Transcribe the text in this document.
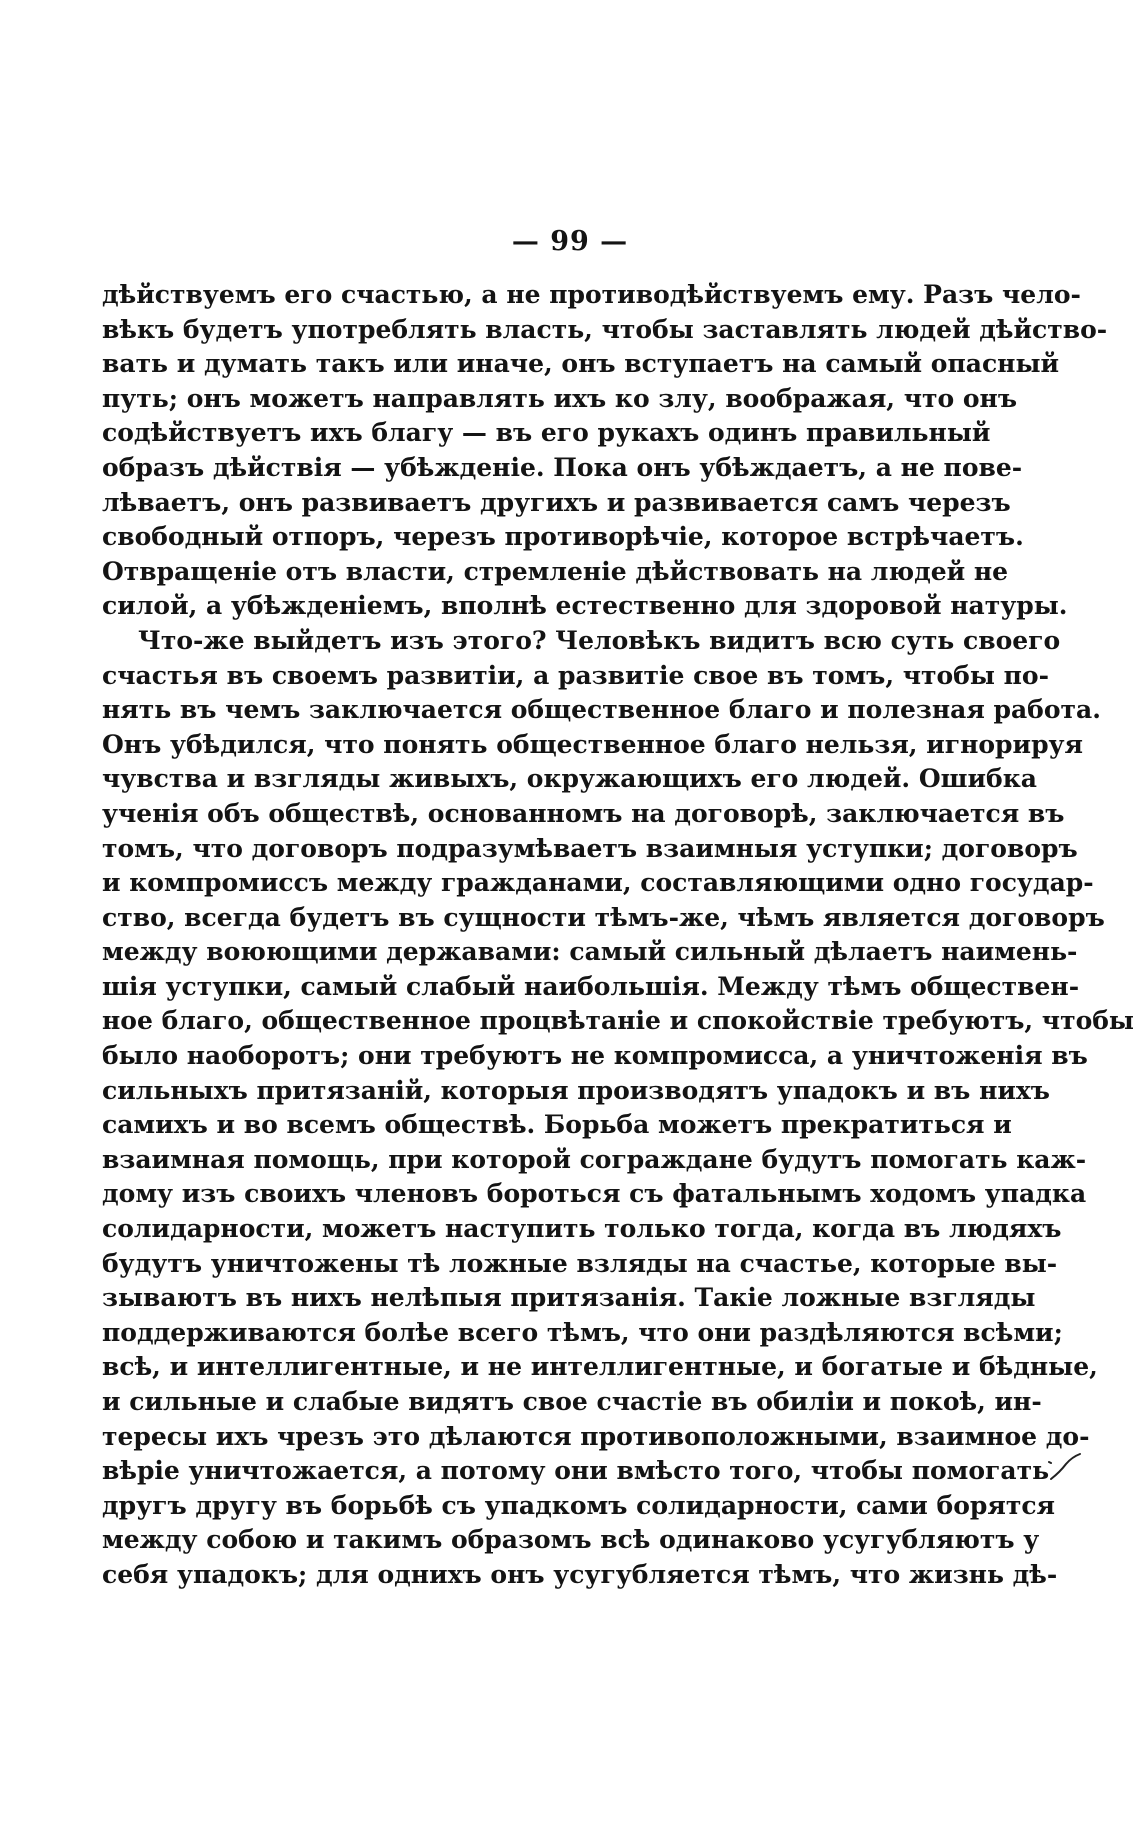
— 99 —
дѣйствуемъ его счастью, а не противодѣйствуемъ ему. Разъ чело-
вѣкъ будетъ употреблять власть, чтобы заставлять людей дѣйство-
вать и думать такъ или иначе, онъ вступаетъ на самый опасный
путь; онъ можетъ направлять ихъ ко злу, воображая, что онъ
содѣйствуетъ ихъ благу — въ его рукахъ одинъ правильный
образъ дѣйствія — убѣжденіе. Пока онъ убѣждаетъ, а не пове-
лѣваетъ, онъ развиваетъ другихъ и развивается самъ черезъ
свободный отпоръ, черезъ противорѣчіе, которое встрѣчаетъ.
Отвращеніе отъ власти, стремленіе дѣйствовать на людей не
силой, а убѣжденіемъ, вполнѣ естественно для здоровой натуры.
Что-же выйдетъ изъ этого? Человѣкъ видитъ всю суть своего
счастья въ своемъ развитіи, а развитіе свое въ томъ, чтобы по-
нять въ чемъ заключается общественное благо и полезная работа.
Онъ убѣдился, что понять общественное благо нельзя, игнорируя
чувства и взгляды живыхъ, окружающихъ его людей. Ошибка
ученія объ обществѣ, основанномъ на договорѣ, заключается въ
томъ, что договоръ подразумѣваетъ взаимныя уступки; договоръ
и компромиссъ между гражданами, составляющими одно государ-
ство, всегда будетъ въ сущности тѣмъ-же, чѣмъ является договоръ
между воюющими державами: самый сильный дѣлаетъ наимень-
шія уступки, самый слабый наибольшія. Между тѣмъ обществен-
ное благо, общественное процвѣтаніе и спокойствіе требуютъ, чтобы
было наоборотъ; они требуютъ не компромисса, а уничтоженія въ
сильныхъ притязаній, которыя производятъ упадокъ и въ нихъ
самихъ и во всемъ обществѣ. Борьба можетъ прекратиться и
взаимная помощь, при которой сограждане будутъ помогать каж-
дому изъ своихъ членовъ бороться съ фатальнымъ ходомъ упадка
солидарности, можетъ наступить только тогда, когда въ людяхъ
будутъ уничтожены тѣ ложные взляды на счастье, которые вы-
зываютъ въ нихъ нелѣпыя притязанія. Такіе ложные взгляды
поддерживаются болѣе всего тѣмъ, что они раздѣляются всѣми;
всѣ, и интеллигентные, и не интеллигентные, и богатые и бѣдные,
и сильные и слабые видятъ свое счастіе въ обиліи и покоѣ, ин-
тересы ихъ чрезъ это дѣлаются противоположными, взаимное до-
вѣріе уничтожается, а потому они вмѣсто того, чтобы помогать
другъ другу въ борьбѣ съ упадкомъ солидарности, сами борятся
между собою и такимъ образомъ всѣ одинаково усугубляютъ у
себя упадокъ; для однихъ онъ усугубляется тѣмъ, что жизнь дѣ-
